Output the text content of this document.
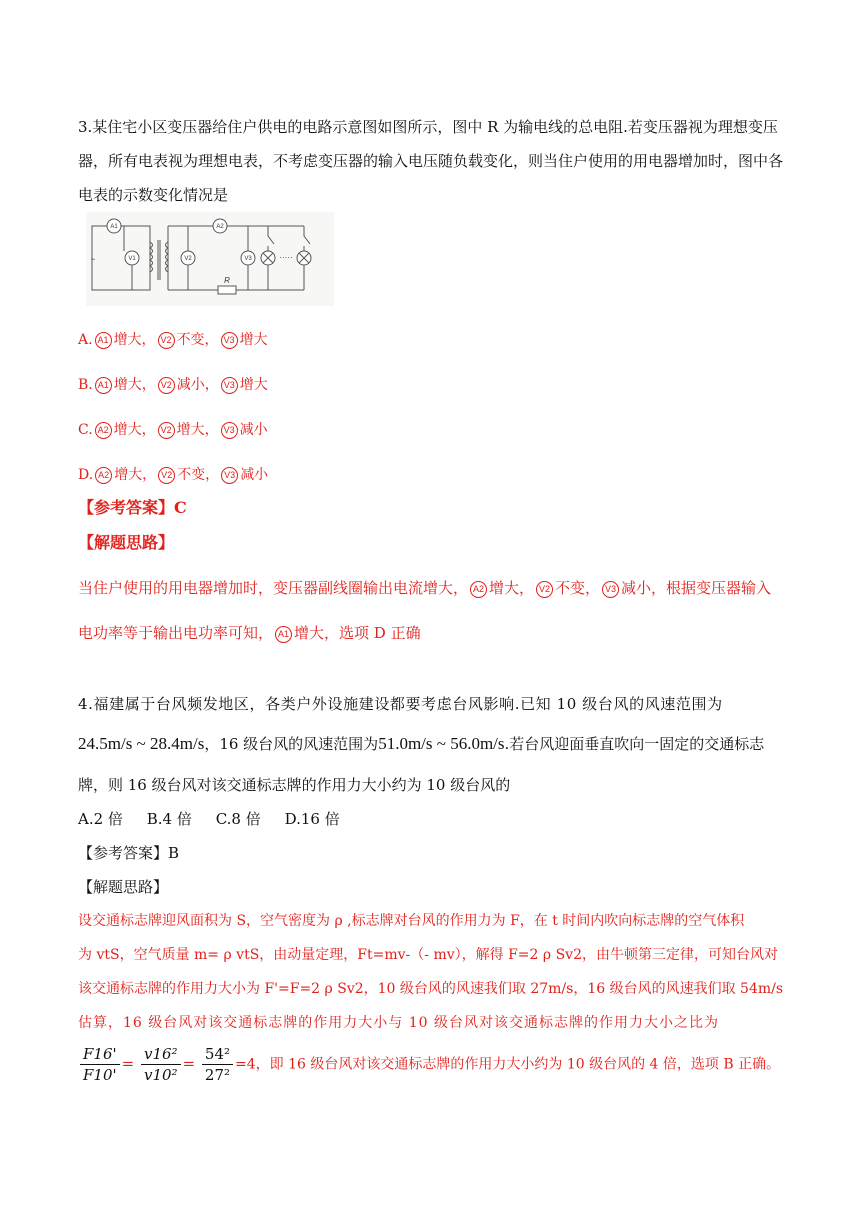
3.某住宅小区变压器给住户供电的电路示意图如图所示，图中 R 为输电线的总电阻.若变压器视为理想变压器，所有电表视为理想电表，不考虑变压器的输入电压随负载变化，则当住户使用的用电器增加时，图中各电表的示数变化情况是
A1
V1	V2
A2
V3
R
~	·····
A. A1 增大， V2 不变， V3 增大
B. A1 增大， V2 减小， V3 增大
C. A2 增大， V2 增大， V3 减小
D. A2 增大， V2 不变， V3 减小
【参考答案】C
【解题思路】
当住户使用的用电器增加时，变压器副线圈输出电流增大， A2 增大， V2 不变， V3 减小，根据变压器输入
电功率等于输出电功率可知， A1 增大，选项 D 正确
4.福建属于台风频发地区，各类户外设施建设都要考虑台风影响.已知 10 级台风的风速范围为
24.5m/s ~ 28.4m/s，16 级台风的风速范围为51.0m/s ~ 56.0m/s.若台风迎面垂直吹向一固定的交通标志
牌，则 16 级台风对该交通标志牌的作用力大小约为 10 级台风的
A.2 倍 B.4 倍 C.8 倍 D.16 倍
【参考答案】B
【解题思路】
设交通标志牌迎风面积为 S，空气密度为 ρ ,标志牌对台风的作用力为 F，在 t 时间内吹向标志牌的空气体积
为 vtS，空气质量 m= ρ vtS，由动量定理，Ft=mv-（- mv），解得 F=2 ρ Sv2，由牛顿第三定律，可知台风对
该交通标志牌的作用力大小为 F'=F=2 ρ Sv2，10 级台风的风速我们取 27m/s，16 级台风的风速我们取 54m/s
估算，16 级台风对该交通标志牌的作用力大小与 10 级台风对该交通标志牌的作用力大小之比为
$\frac{F16'}{F10'} = \frac{\text{v16²}}{\text{v10²}} = \frac{\text{54²}}{\text{27²}} =4$，即 16 级台风对该交通标志牌的作用力大小约为 10 级台风的 4 倍，选项 B 正确。
